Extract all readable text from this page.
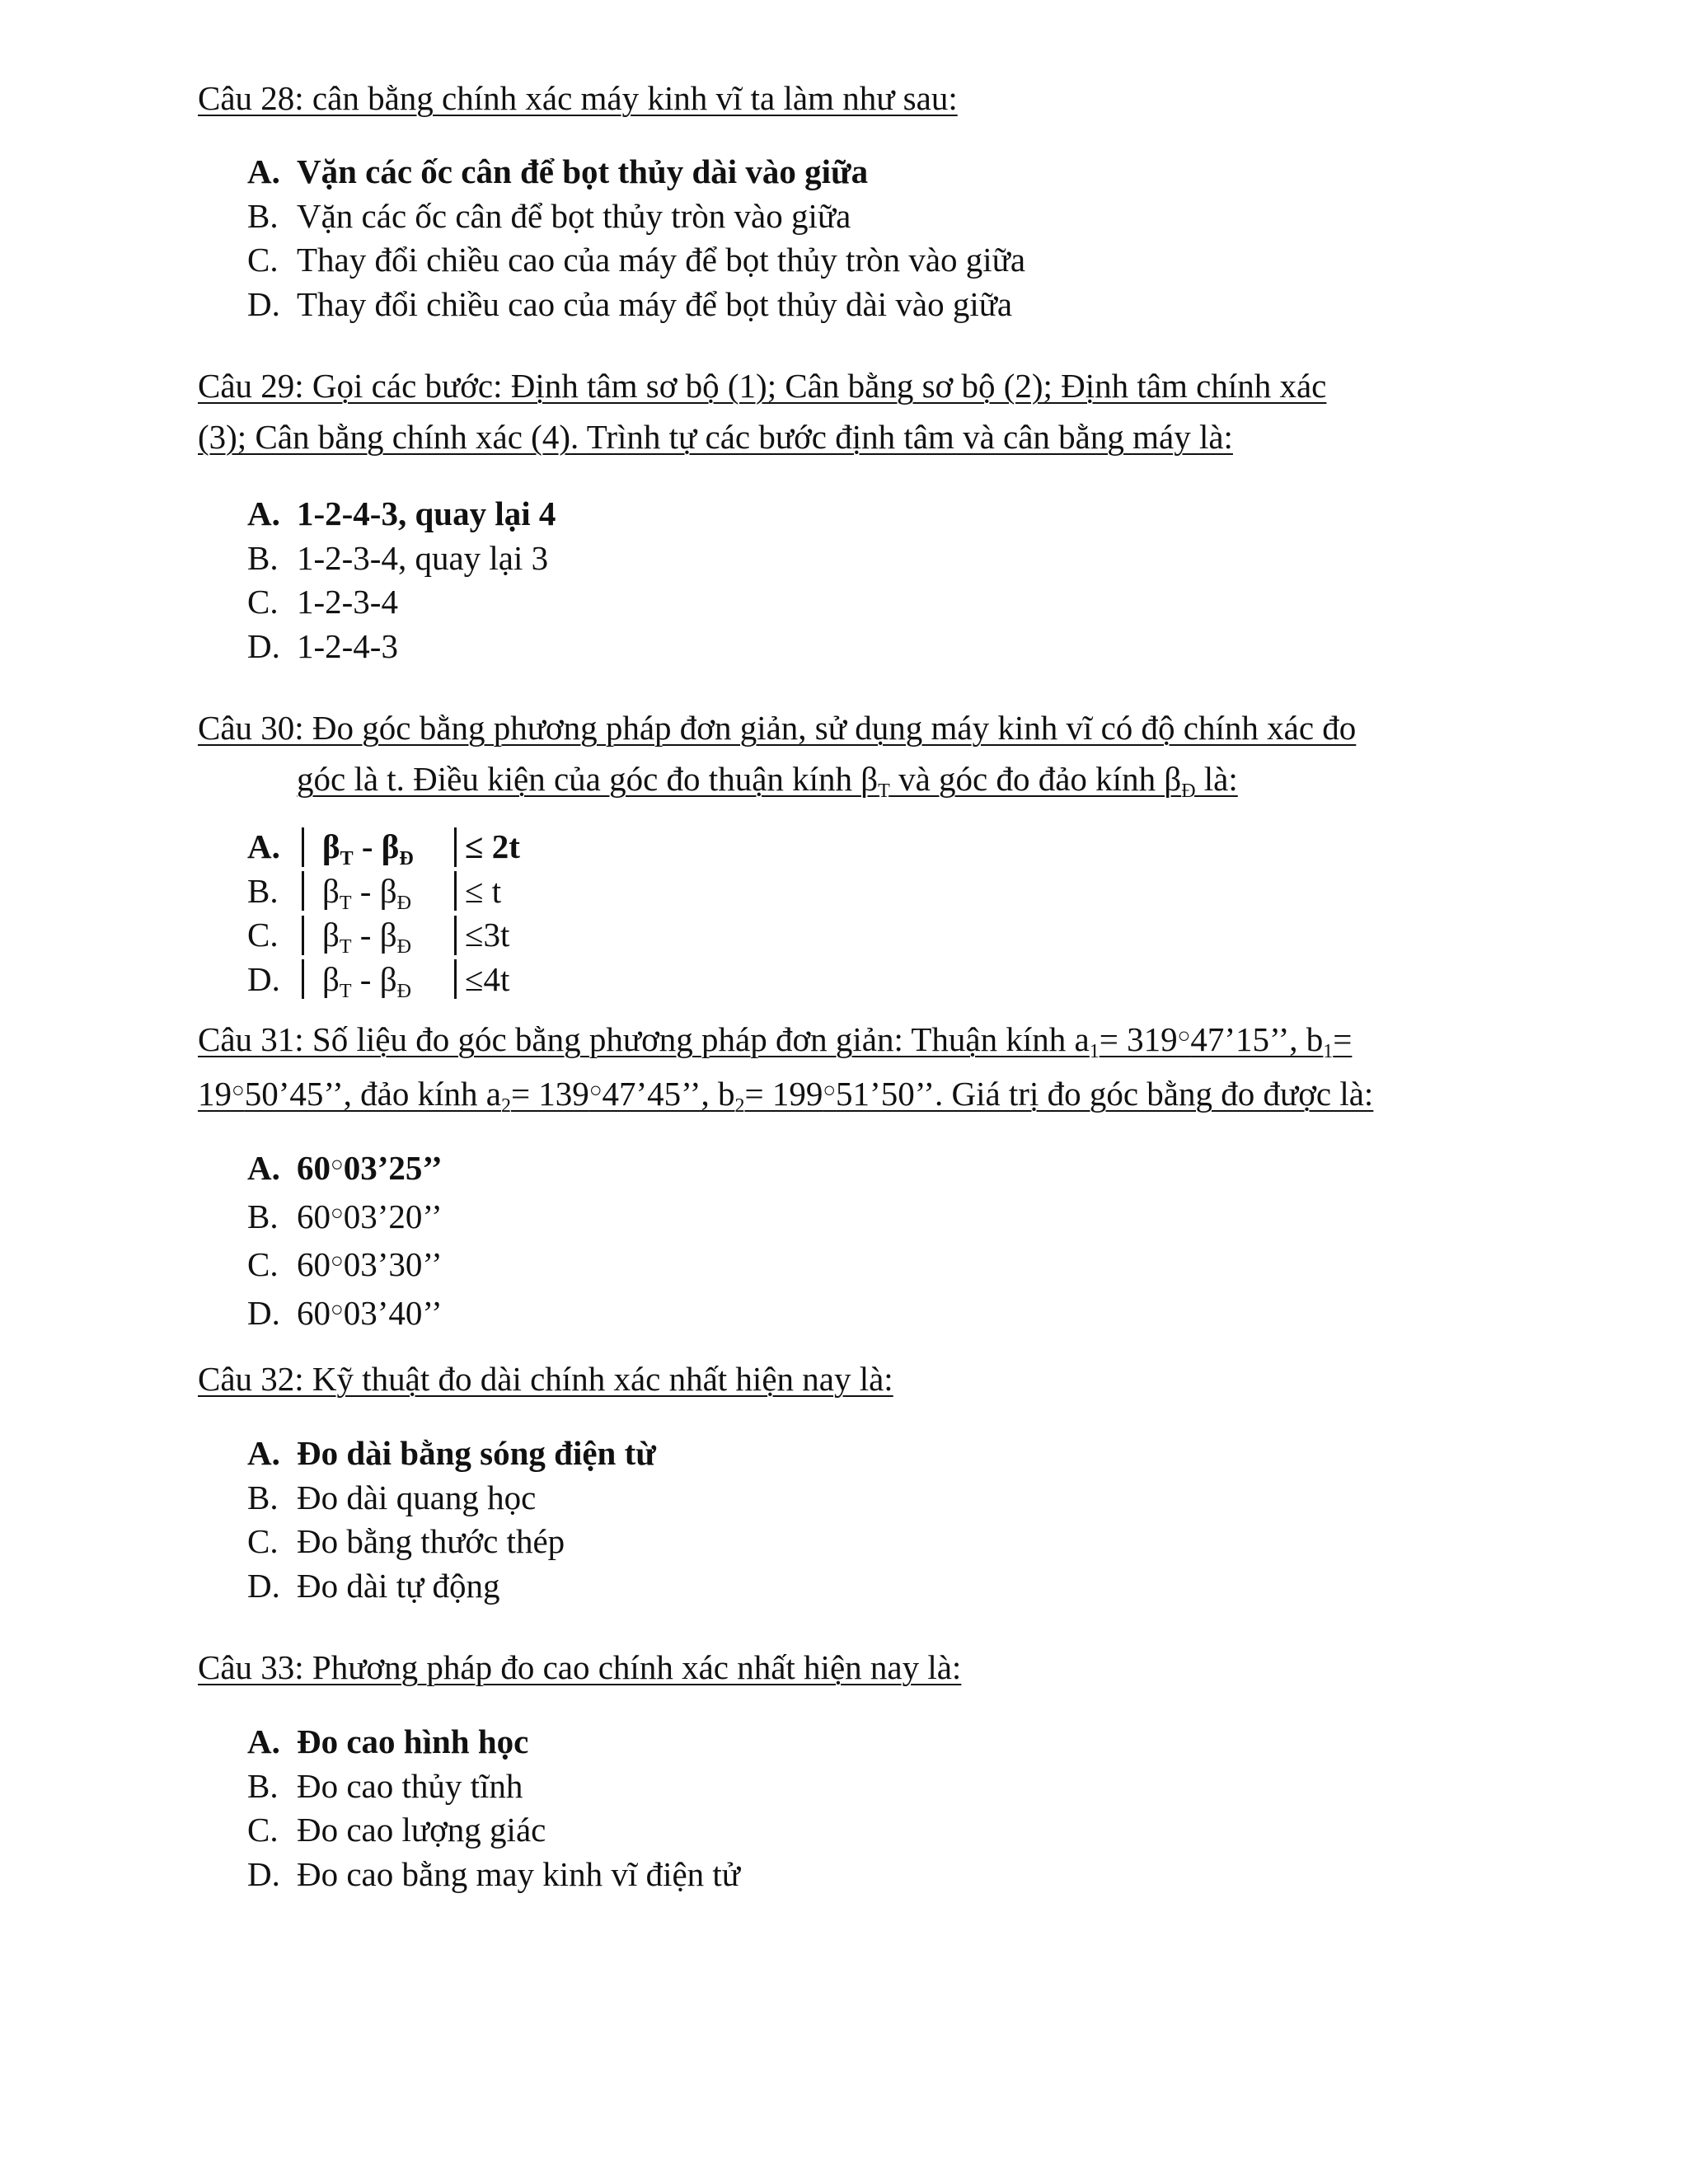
Câu 28: cân bằng chính xác máy kinh vĩ ta làm như sau:
A. Vặn các ốc cân để bọt thủy dài vào giữa
B. Vặn các ốc cân để bọt thủy tròn vào giữa
C. Thay đổi chiều cao của máy để bọt thủy tròn vào giữa
D. Thay đổi chiều cao của máy để bọt thủy dài vào giữa
Câu 29: Gọi các bước: Định tâm sơ bộ (1); Cân bằng sơ bộ (2); Định tâm chính xác
(3); Cân bằng chính xác (4). Trình tự các bước định tâm và cân bằng máy là:
A. 1-2-4-3, quay lại 4
B. 1-2-3-4, quay lại 3
C. 1-2-3-4
D. 1-2-4-3
Câu 30: Đo góc bằng phương pháp đơn giản, sử dụng máy kinh vĩ có độ chính xác đo
góc là t. Điều kiện của góc đo thuận kính $\beta_T$ và góc đo đảo kính $\beta_Đ$ là:
A.	$\beta_T - \beta_Đ$	≤ 2t
B.	$\beta_T - \beta_Đ$	≤ t
C.	$\beta_T - \beta_Đ$	≤3t
D.	$\beta_T - \beta_Đ$	≤4t
Câu 31: Số liệu đo góc bằng phương pháp đơn giản: Thuận kính $a_1=$ 319○47’15’’, $b_1=$
19○50’45’’, đảo kính $a_2=$ 139○47’45’’, $b_2=$ 199○51’50’’. Giá trị đo góc bằng đo được là:
A. 60○03’25’’
B. 60○03’20’’
C. 60○03’30’’
D. 60○03’40’’
Câu 32: Kỹ thuật đo dài chính xác nhất hiện nay là:
A. Đo dài bằng sóng điện từ
B. Đo dài quang học
C. Đo bằng thước thép
D. Đo dài tự động
Câu 33: Phương pháp đo cao chính xác nhất hiện nay là:
A. Đo cao hình học
B. Đo cao thủy tĩnh
C. Đo cao lượng giác
D. Đo cao bằng may kinh vĩ điện tử
